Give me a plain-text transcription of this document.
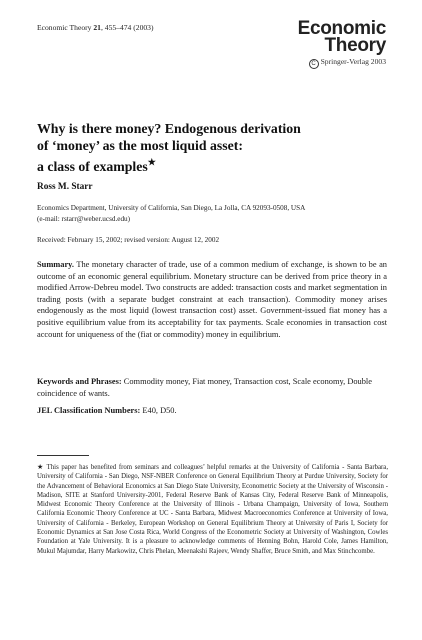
Economic Theory 21, 455–474 (2003)	Economic
Theory
C Springer-Verlag 2003
Why is there money? Endogenous derivation
of ‘money’ as the most liquid asset:
a class of examples★
Ross M. Starr
Economics Department, University of California, San Diego, La Jolla, CA 92093-0508, USA
(e-mail: rstarr@weber.ucsd.edu)
Received: February 15, 2002; revised version: August 12, 2002
Summary. The monetary character of trade, use of a common medium of exchange, is shown to be an outcome of an economic general equilibrium. Monetary structure can be derived from price theory in a modified Arrow-Debreu model. Two constructs are added: transaction costs and market segmentation in trading posts (with a separate budget constraint at each transaction). Commodity money arises endogenously as the most liquid (lowest transaction cost) asset. Government-issued fiat money has a positive equilibrium value from its acceptability for tax payments. Scale economies in transaction cost account for uniqueness of the (fiat or commodity) money in equilibrium.
Keywords and Phrases: Commodity money, Fiat money, Transaction cost, Scale economy, Double coincidence of wants.
JEL Classification Numbers: E40, D50.
★ This paper has benefited from seminars and colleagues’ helpful remarks at the University of California - Santa Barbara, University of California - San Diego, NSF-NBER Conference on General Equilibrium Theory at Purdue University, Society for the Advancement of Behavioral Economics at San Diego State University, Econometric Society at the University of Wisconsin - Madison, SITE at Stanford University-2001, Federal Reserve Bank of Kansas City, Federal Reserve Bank of Minneapolis, Midwest Economic Theory Conference at the University of Illinois - Urbana Champaign, University of Iowa, Southern California Economic Theory Conference at UC - Santa Barbara, Midwest Macroeconomics Conference at University of Iowa, University of California - Berkeley, European Workshop on General Equilibrium Theory at University of Paris I, Society for Economic Dynamics at San Jose Costa Rica, World Congress of the Econometric Society at University of Washington, Cowles Foundation at Yale University. It is a pleasure to acknowledge comments of Henning Bohn, Harold Cole, James Hamilton, Mukul Majumdar, Harry Markowitz, Chris Phelan, Meenakshi Rajeev, Wendy Shaffer, Bruce Smith, and Max Stinchcombe.
